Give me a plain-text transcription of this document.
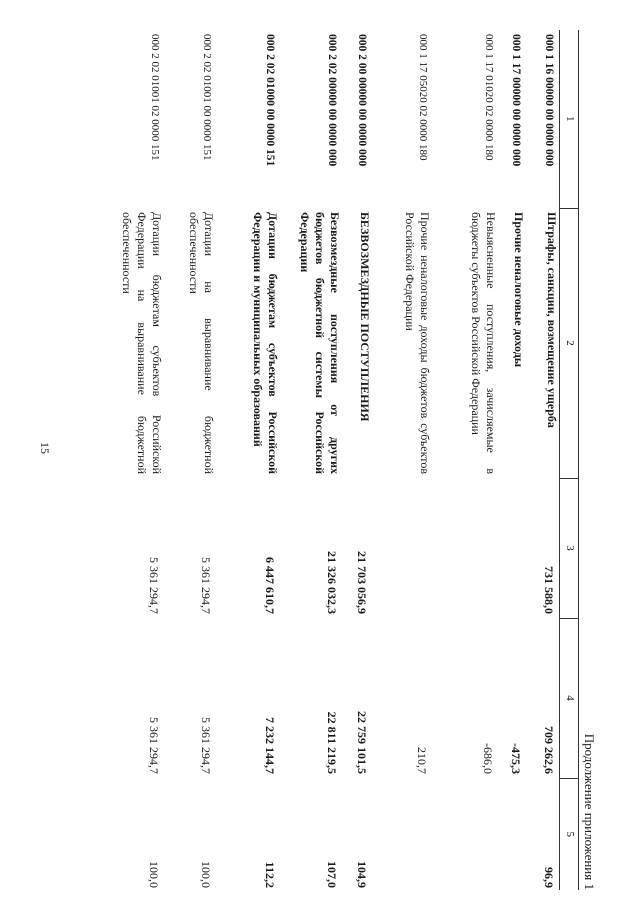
15
Продолжение приложения 1
1	2	3	4	5
000 1 16 00000 00 0000 000	Штрафы, санкции, возмещение ущерба	731 588,0	709 262,6	96,9
000 1 17 00000 00 0000 000	Прочие неналоговые доходы		-475,3	
000 1 17 01020 02 0000 180	Невыясненные поступления, зачисляемые в бюджеты субъектов Российской Федерации		-686,0	
000 1 17 05020 02 0000 180	Прочие неналоговые доходы бюджетов субъектов Российской Федерации		210,7	
000 2 00 00000 00 0000 000	БЕЗВОЗМЕЗДНЫЕ ПОСТУПЛЕНИЯ	21 703 056,9	22 759 101,5	104,9
000 2 02 00000 00 0000 000	Безвозмездные поступления от других бюджетов бюджетной системы Российской Федерации	21 326 032,3	22 811 219,5	107,0
000 2 02 01000 00 0000 151	Дотации бюджетам субъектов Российской Федерации и муниципальных образований	6 447 610,7	7 232 144,7	112,2
000 2 02 01001 00 0000 151	Дотации на выравнивание бюджетной обеспеченности	5 361 294,7	5 361 294,7	100,0
000 2 02 01001 02 0000 151	Дотации бюджетам субъектов Российской Федерации на выравнивание бюджетной обеспеченности	5 361 294,7	5 361 294,7	100,0
